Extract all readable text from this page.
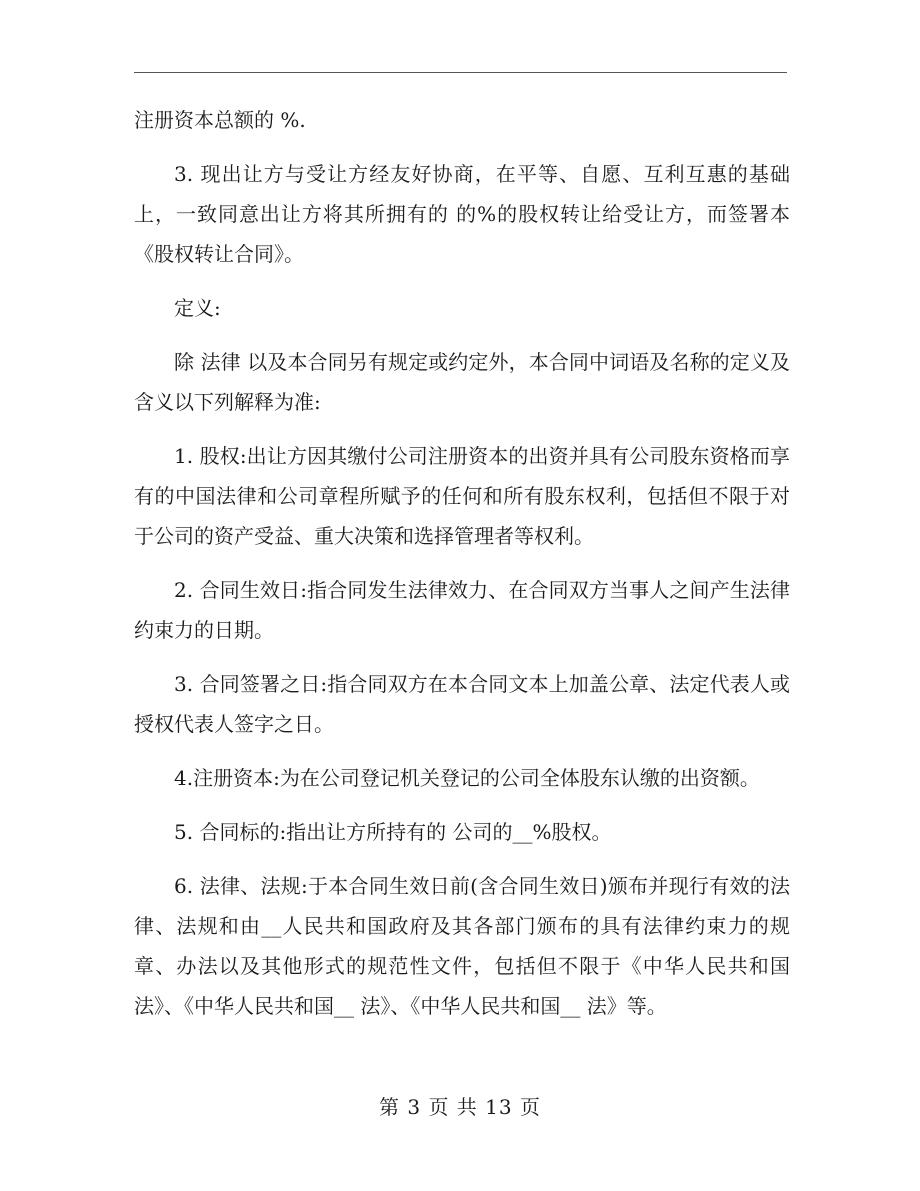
注册资本总额的 %.

3. 现出让方与受让方经友好协商，在平等、自愿、互利互惠的基础上，一致同意出让方将其所拥有的 的%的股权转让给受让方，而签署本《股权转让合同》。

定义:

除 法律 以及本合同另有规定或约定外，本合同中词语及名称的定义及含义以下列解释为准:

1. 股权:出让方因其缴付公司注册资本的出资并具有公司股东资格而享有的中国法律和公司章程所赋予的任何和所有股东权利，包括但不限于对于公司的资产受益、重大决策和选择管理者等权利。

2. 合同生效日:指合同发生法律效力、在合同双方当事人之间产生法律约束力的日期。

3. 合同签署之日:指合同双方在本合同文本上加盖公章、法定代表人或授权代表人签字之日。

4.注册资本:为在公司登记机关登记的公司全体股东认缴的出资额。

5. 合同标的:指出让方所持有的 公司的__%股权。

6. 法律、法规:于本合同生效日前(含合同生效日)颁布并现行有效的法律、法规和由__人民共和国政府及其各部门颁布的具有法律约束力的规章、办法以及其他形式的规范性文件，包括但不限于《中华人民共和国 法》、《中华人民共和国__ 法》、《中华人民共和国__ 法》等。

第 3 页 共 13 页
